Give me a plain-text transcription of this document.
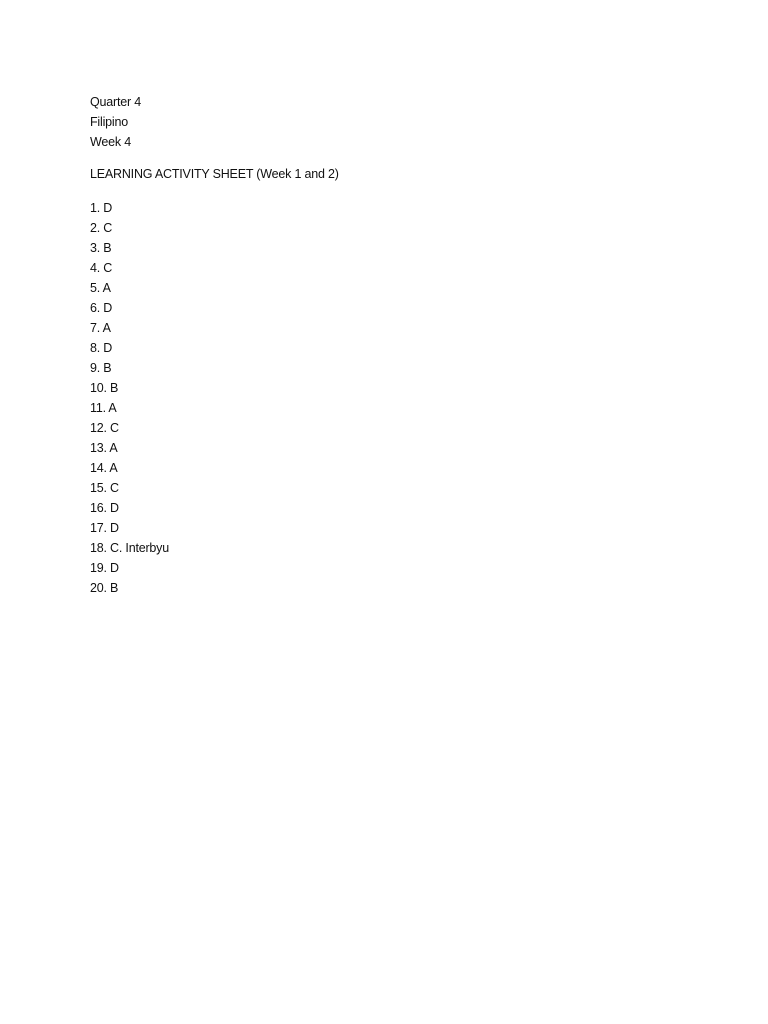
Quarter 4
Filipino
Week 4
LEARNING ACTIVITY SHEET (Week 1 and 2)
1. D
2. C
3. B
4. C
5. A
6. D
7. A
8. D
9. B
10. B
11. A
12. C
13. A
14. A
15. C
16. D
17. D
18. C. Interbyu
19. D
20. B
